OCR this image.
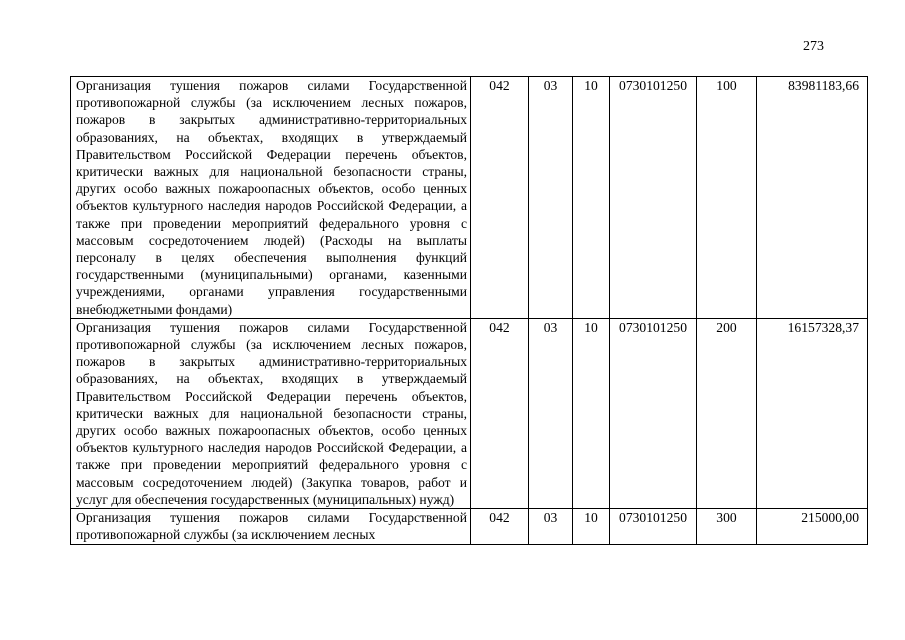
273
Организация тушения пожаров силами Государственной противопожарной службы (за исключением лесных пожаров, пожаров в закрытых административно-территориальных образованиях, на объектах, входящих в утверждаемый Правительством Российской Федерации перечень объектов, критически важных для национальной безопасности страны, других особо важных пожароопасных объектов, особо ценных объектов культурного наследия народов Российской Федерации, а также при проведении мероприятий федерального уровня с массовым сосредоточением людей) (Расходы на выплаты персоналу в целях обеспечения выполнения функций государственными (муниципальными) органами, казенными учреждениями, органами управления государственными внебюджетными фондами)	042	03	10	0730101250	100	83981183,66
Организация тушения пожаров силами Государственной противопожарной службы (за исключением лесных пожаров, пожаров в закрытых административно-территориальных образованиях, на объектах, входящих в утверждаемый Правительством Российской Федерации перечень объектов, критически важных для национальной безопасности страны, других особо важных пожароопасных объектов, особо ценных объектов культурного наследия народов Российской Федерации, а также при проведении мероприятий федерального уровня с массовым сосредоточением людей) (Закупка товаров, работ и услуг для обеспечения государственных (муниципальных) нужд)	042	03	10	0730101250	200	16157328,37

Организация тушения пожаров силами Государственной противопожарной службы (за исключением лесных	042	03	10	0730101250	300	215000,00
